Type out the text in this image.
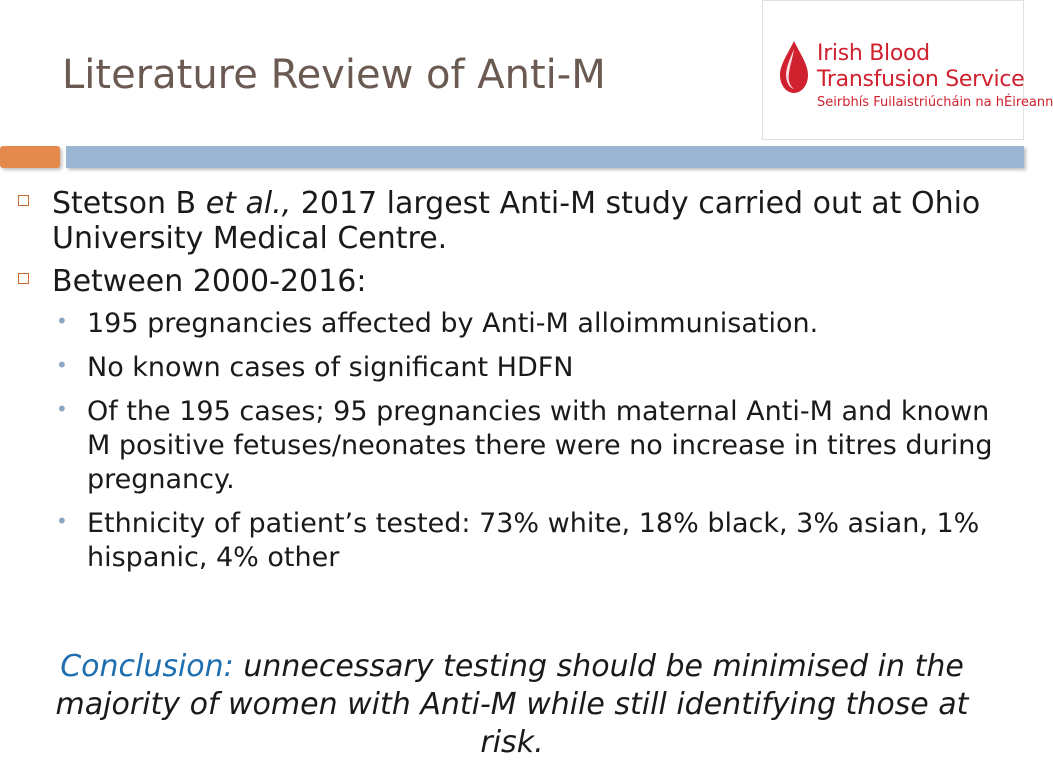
Literature Review of Anti-M	Irish Blood
Transfusion Service
Seirbhís Fuilaistriúcháin na hÉireann
Stetson B et al., 2017 largest Anti-M study carried out at Ohio University Medical Centre.
Between 2000-2016:
• 195 pregnancies affected by Anti-M alloimmunisation.
• No known cases of significant HDFN
• Of the 195 cases; 95 pregnancies with maternal Anti-M and known M positive fetuses/neonates there were no increase in titres during pregnancy.
• Ethnicity of patient’s tested: 73% white, 18% black, 3% asian, 1% hispanic, 4% other
Conclusion: unnecessary testing should be minimised in the majority of women with Anti-M while still identifying those at risk.
